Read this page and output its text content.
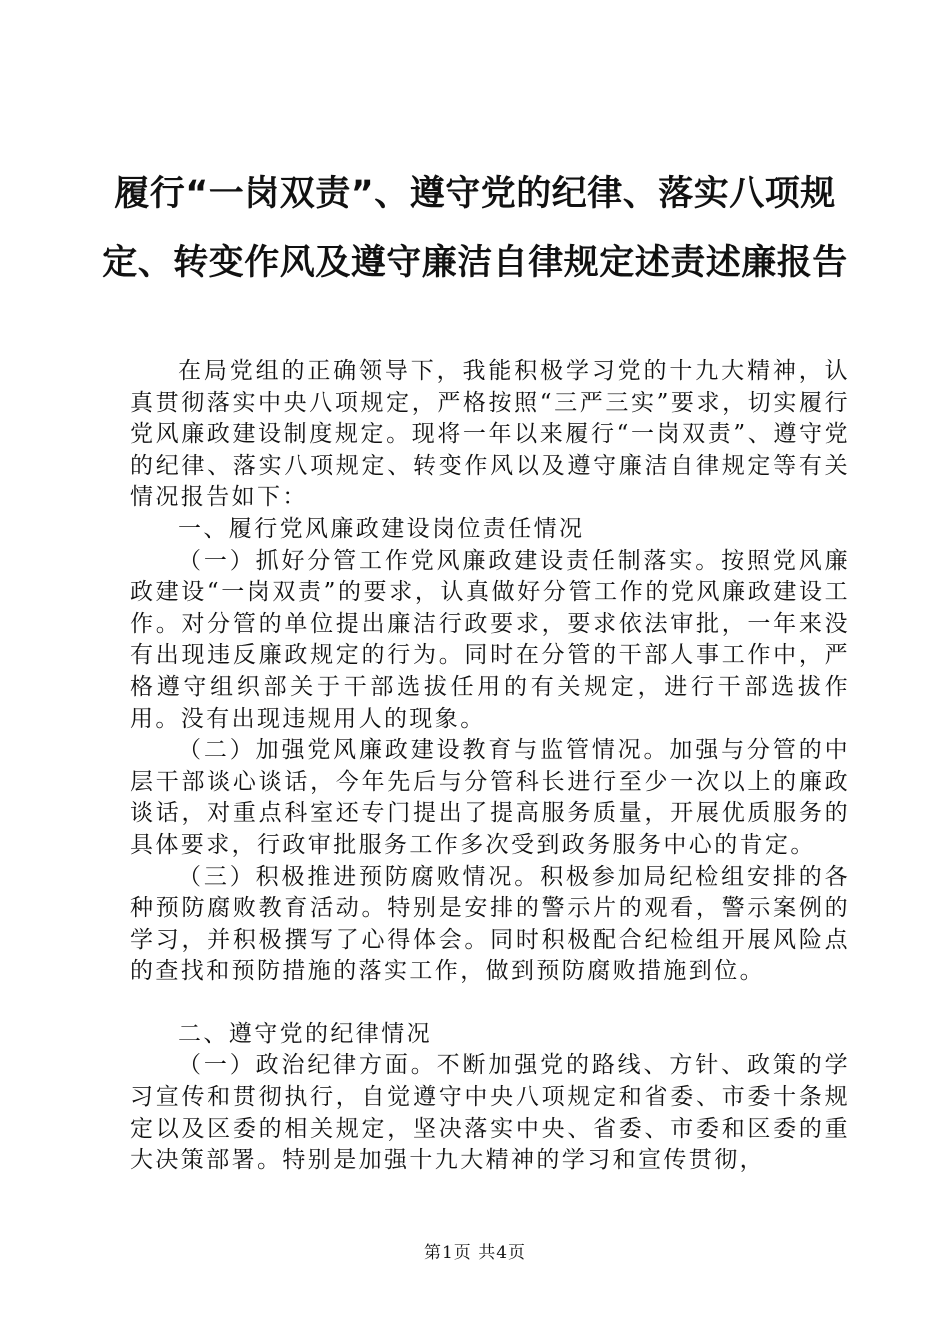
履行“一岗双责”、遵守党的纪律、落实八项规定、转变作风及遵守廉洁自律规定述责述廉报告

在局党组的正确领导下，我能积极学习党的十九大精神，认真贯彻落实中央八项规定，严格按照“三严三实”要求，切实履行党风廉政建设制度规定。现将一年以来履行“一岗双责”、遵守党的纪律、落实八项规定、转变作风以及遵守廉洁自律规定等有关情况报告如下：

一、履行党风廉政建设岗位责任情况

（一）抓好分管工作党风廉政建设责任制落实。按照党风廉政建设“一岗双责”的要求，认真做好分管工作的党风廉政建设工作。对分管的单位提出廉洁行政要求，要求依法审批，一年来没有出现违反廉政规定的行为。同时在分管的干部人事工作中，严格遵守组织部关于干部选拔任用的有关规定，进行干部选拔作用。没有出现违规用人的现象。

（二）加强党风廉政建设教育与监管情况。加强与分管的中层干部谈心谈话，今年先后与分管科长进行至少一次以上的廉政谈话，对重点科室还专门提出了提高服务质量，开展优质服务的具体要求，行政审批服务工作多次受到政务服务中心的肯定。

（三）积极推进预防腐败情况。积极参加局纪检组安排的各种预防腐败教育活动。特别是安排的警示片的观看，警示案例的学习，并积极撰写了心得体会。同时积极配合纪检组开展风险点的查找和预防措施的落实工作，做到预防腐败措施到位。

二、遵守党的纪律情况

（一）政治纪律方面。不断加强党的路线、方针、政策的学习宣传和贯彻执行，自觉遵守中央八项规定和省委、市委十条规定以及区委的相关规定，坚决落实中央、省委、市委和区委的重大决策部署。特别是加强十九大精神的学习和宣传贯彻，

第1页 共4页
